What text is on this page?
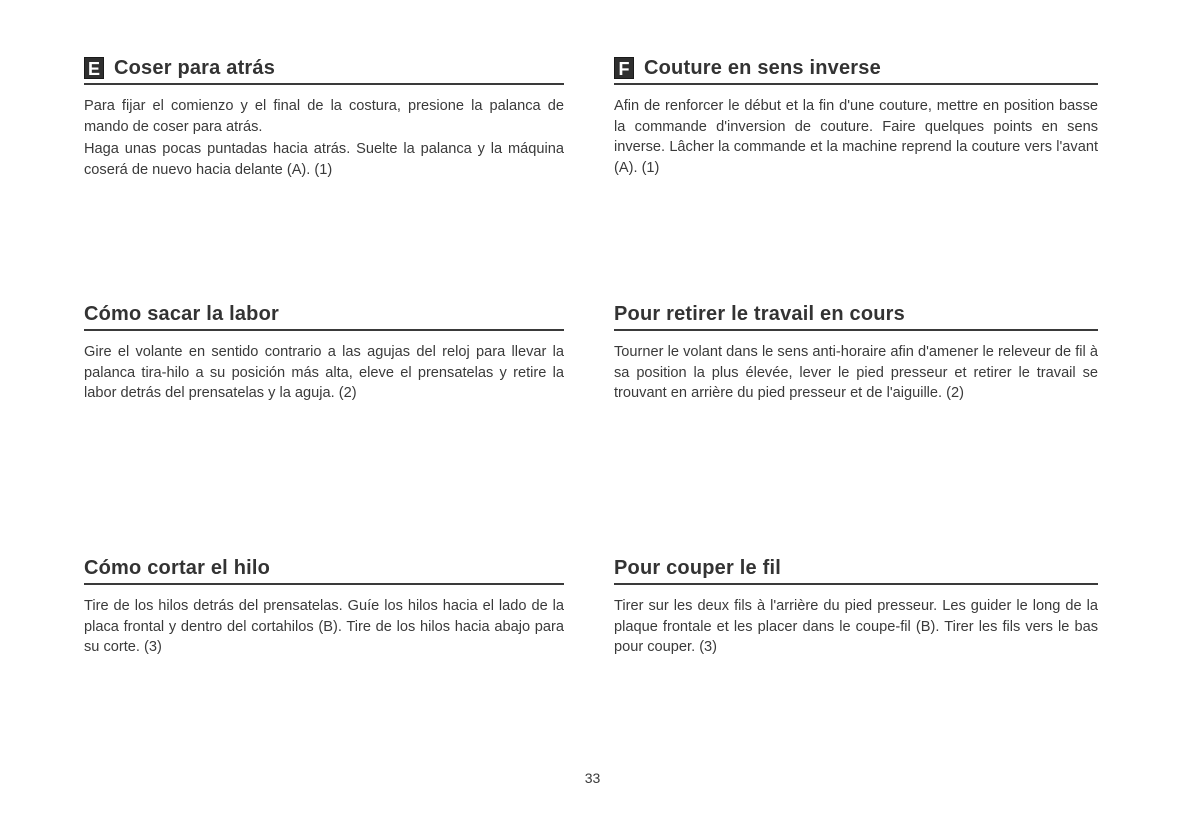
E Coser para atrás

Para fijar el comienzo y el final de la costura, presione la palanca de mando de coser para atrás.

Haga unas pocas puntadas hacia atrás. Suelte la palanca y la máquina coserá de nuevo hacia delante (A). (1)

Cómo sacar la labor

Gire el volante en sentido contrario a las agujas del reloj para llevar la palanca tira-hilo a su posición más alta, eleve el prensatelas y retire la labor detrás del prensatelas y la aguja. (2)

Cómo cortar el hilo

Tire de los hilos detrás del prensatelas. Guíe los hilos hacia el lado de la placa frontal y dentro del cortahilos (B). Tire de los hilos hacia abajo para su corte. (3)

F Couture en sens inverse

Afin de renforcer le début et la fin d'une couture, mettre en position basse la commande d'inversion de couture. Faire quelques points en sens inverse. Lâcher la commande et la machine reprend la couture vers l'avant (A). (1)

Pour retirer le travail en cours

Tourner le volant dans le sens anti-horaire afin d'amener le releveur de fil à sa position la plus élevée, lever le pied presseur et retirer le travail se trouvant en arrière du pied presseur et de l'aiguille. (2)

Pour couper le fil

Tirer sur les deux fils à l'arrière du pied presseur. Les guider le long de la plaque frontale et les placer dans le coupe-fil (B). Tirer les fils vers le bas pour couper. (3)

33
